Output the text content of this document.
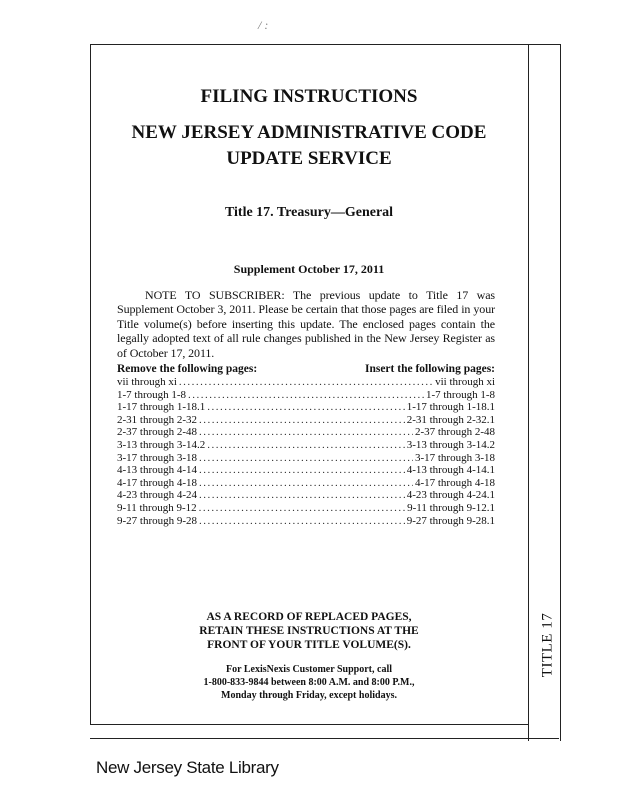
/ :
TITLE 17
FILING INSTRUCTIONS
NEW JERSEY ADMINISTRATIVE CODE
UPDATE SERVICE
Title 17. Treasury—General
Supplement October 17, 2011
NOTE TO SUBSCRIBER: The previous update to Title 17 was Supplement October 3, 2011. Please be certain that those pages are filed in your Title volume(s) before inserting this update. The enclosed pages contain the legally adopted text of all rule changes published in the New Jersey Register as of October 17, 2011.
Remove the following pages:	Insert the following pages:
vii through xi .....	vii through xi
1-7 through 1-8 .....	1-7 through 1-8
1-17 through 1-18.1 .....	1-17 through 1-18.1
2-31 through 2-32 .....	2-31 through 2-32.1
2-37 through 2-48 .....	2-37 through 2-48
3-13 through 3-14.2 .....	3-13 through 3-14.2
3-17 through 3-18 .....	3-17 through 3-18
4-13 through 4-14 .....	4-13 through 4-14.1
4-17 through 4-18 .....	4-17 through 4-18
4-23 through 4-24 .....	4-23 through 4-24.1
9-11 through 9-12 .....	9-11 through 9-12.1
9-27 through 9-28 .....	9-27 through 9-28.1
AS A RECORD OF REPLACED PAGES,
RETAIN THESE INSTRUCTIONS AT THE
FRONT OF YOUR TITLE VOLUME(S).
For LexisNexis Customer Support, call
1-800-833-9844 between 8:00 A.M. and 8:00 P.M.,
Monday through Friday, except holidays.
New Jersey State Library
